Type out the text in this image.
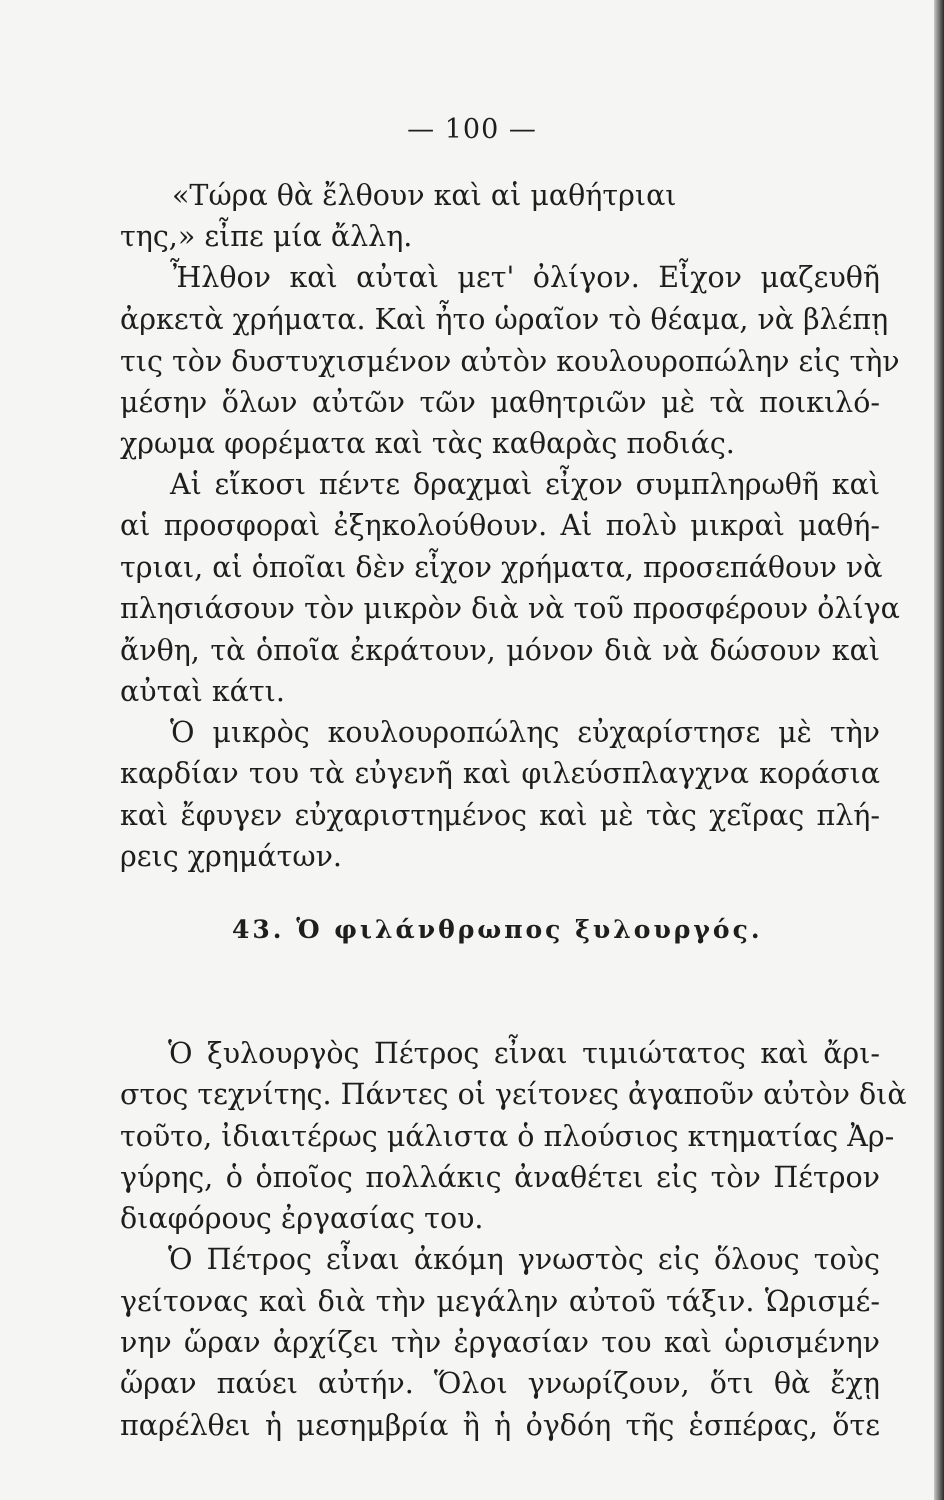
— 100 —
«Τώρα θὰ ἔλθουν καὶ αἱ μαθήτριαι
της,» εἶπε μία ἄλλη.
Ἦλθον καὶ αὐταὶ μετ' ὀλίγον. Εἶχον μαζευθῆ
ἀρκετὰ χρήματα. Καὶ ἦτο ὡραῖον τὸ θέαμα, νὰ βλέπῃ
τις τὸν δυστυχισμένον αὐτὸν κουλουροπώλην εἰς τὴν
μέσην ὅλων αὐτῶν τῶν μαθητριῶν μὲ τὰ ποικιλό-
χρωμα φορέματα καὶ τὰς καθαρὰς ποδιάς.
Αἱ εἴκοσι πέντε δραχμαὶ εἶχον συμπληρωθῆ καὶ
αἱ προσφοραὶ ἐξηκολούθουν. Αἱ πολὺ μικραὶ μαθή-
τριαι, αἱ ὁποῖαι δὲν εἶχον χρήματα, προσεπάθουν νὰ
πλησιάσουν τὸν μικρὸν διὰ νὰ τοῦ προσφέρουν ὀλίγα
ἄνθη, τὰ ὁποῖα ἐκράτουν, μόνον διὰ νὰ δώσουν καὶ
αὐταὶ κάτι.
Ὁ μικρὸς κουλουροπώλης εὐχαρίστησε μὲ τὴν
καρδίαν του τὰ εὐγενῆ καὶ φιλεύσπλαγχνα κοράσια
καὶ ἔφυγεν εὐχαριστημένος καὶ μὲ τὰς χεῖρας πλή-
ρεις χρημάτων.
43. Ὁ φιλάνθρωπος ξυλουργός.
Ὁ ξυλουργὸς Πέτρος εἶναι τιμιώτατος καὶ ἄρι-
στος τεχνίτης. Πάντες οἱ γείτονες ἀγαποῦν αὐτὸν διὰ
τοῦτο, ἰδιαιτέρως μάλιστα ὁ πλούσιος κτηματίας Ἀρ-
γύρης, ὁ ὁποῖος πολλάκις ἀναθέτει εἰς τὸν Πέτρον
διαφόρους ἐργασίας του.
Ὁ Πέτρος εἶναι ἀκόμη γνωστὸς εἰς ὅλους τοὺς
γείτονας καὶ διὰ τὴν μεγάλην αὐτοῦ τάξιν. Ὡρισμέ-
νην ὥραν ἀρχίζει τὴν ἐργασίαν του καὶ ὡρισμένην
ὥραν παύει αὐτήν. Ὅλοι γνωρίζουν, ὅτι θὰ ἔχῃ
παρέλθει ἡ μεσημβρία ἢ ἡ ὀγδόη τῆς ἑσπέρας, ὅτε
